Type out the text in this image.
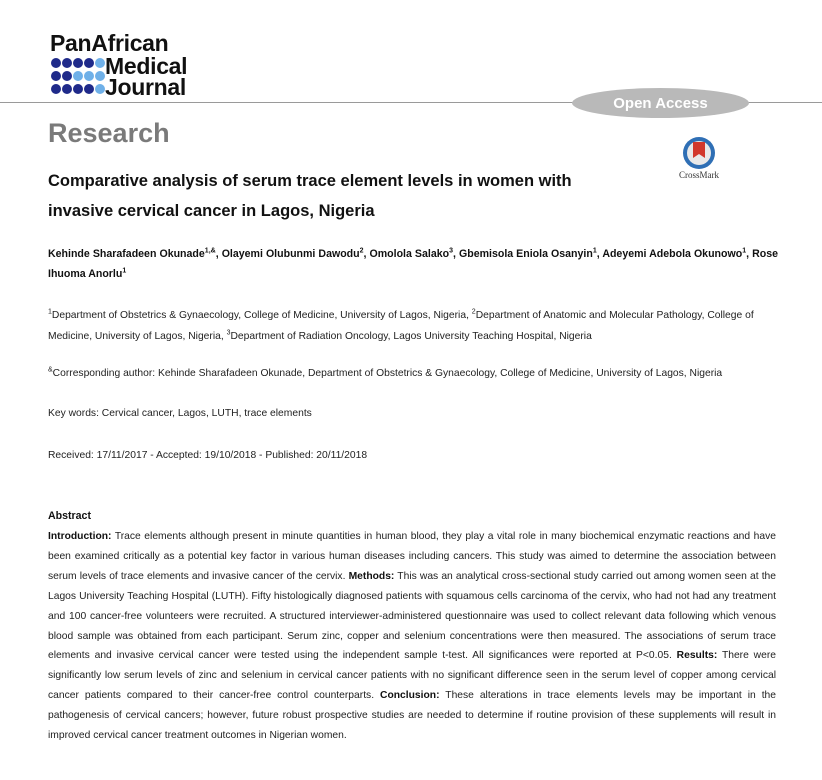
PanAfrican
Medical
Journal
Open Access
Research
Comparative analysis of serum trace element levels in women with invasive cervical cancer in Lagos, Nigeria
CrossMark
Kehinde Sharafadeen Okunade$^{1,\&}$, Olayemi Olubunmi Dawodu$^2$, Omolola Salako$^3$, Gbemisola Eniola Osanyin$^1$, Adeyemi Adebola Okunowo$^1$, Rose Ihuoma Anorlu$^1$
$^1$Department of Obstetrics & Gynaecology, College of Medicine, University of Lagos, Nigeria, $^2$Department of Anatomic and Molecular Pathology, College of Medicine, University of Lagos, Nigeria, $^3$Department of Radiation Oncology, Lagos University Teaching Hospital, Nigeria
&Corresponding author: Kehinde Sharafadeen Okunade, Department of Obstetrics & Gynaecology, College of Medicine, University of Lagos, Nigeria
Key words: Cervical cancer, Lagos, LUTH, trace elements
Received: 17/11/2017 - Accepted: 19/10/2018 - Published: 20/11/2018
Abstract
Introduction: Trace elements although present in minute quantities in human blood, they play a vital role in many biochemical enzymatic reactions and have been examined critically as a potential key factor in various human diseases including cancers. This study was aimed to determine the association between serum levels of trace elements and invasive cancer of the cervix. Methods: This was an analytical cross-sectional study carried out among women seen at the Lagos University Teaching Hospital (LUTH). Fifty histologically diagnosed patients with squamous cells carcinoma of the cervix, who had not had any treatment and 100 cancer-free volunteers were recruited. A structured interviewer-administered questionnaire was used to collect relevant data following which venous blood sample was obtained from each participant. Serum zinc, copper and selenium concentrations were then measured. The associations of serum trace elements and invasive cervical cancer were tested using the independent sample t-test. All significances were reported at P<0.05. Results: There were significantly low serum levels of zinc and selenium in cervical cancer patients with no significant difference seen in the serum level of copper among cervical cancer patients compared to their cancer-free control counterparts. Conclusion: These alterations in trace elements levels may be important in the pathogenesis of cervical cancers; however, future robust prospective studies are needed to determine if routine provision of these supplements will result in improved cervical cancer treatment outcomes in Nigerian women.
